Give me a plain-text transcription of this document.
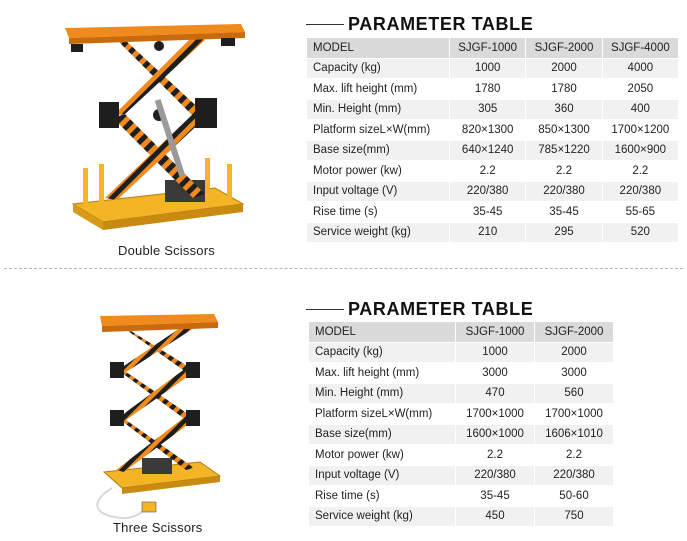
Double Scissors
PARAMETER TABLE
MODEL	SJGF-1000	SJGF-2000	SJGF-4000
Capacity (kg)	1000	2000	4000
Max. lift height (mm)	1780	1780	2050
Min. Height (mm)	305	360	400
Platform sizeL×W(mm)	820×1300	850×1300	1700×1200
Base size(mm)	640×1240	785×1220	1600×900
Motor power (kw)	2.2	2.2	2.2
Input voltage (V)	220/380	220/380	220/380
Rise time (s)	35-45	35-45	55-65
Service weight (kg)	210	295	520
Three Scissors
PARAMETER TABLE
MODEL	SJGF-1000	SJGF-2000
Capacity (kg)	1000	2000
Max. lift height (mm)	3000	3000
Min. Height (mm)	470	560
Platform sizeL×W(mm)	1700×1000	1700×1000
Base size(mm)	1600×1000	1606×1010
Motor power (kw)	2.2	2.2
Input voltage (V)	220/380	220/380
Rise time (s)	35-45	50-60
Service weight (kg)	450	750
